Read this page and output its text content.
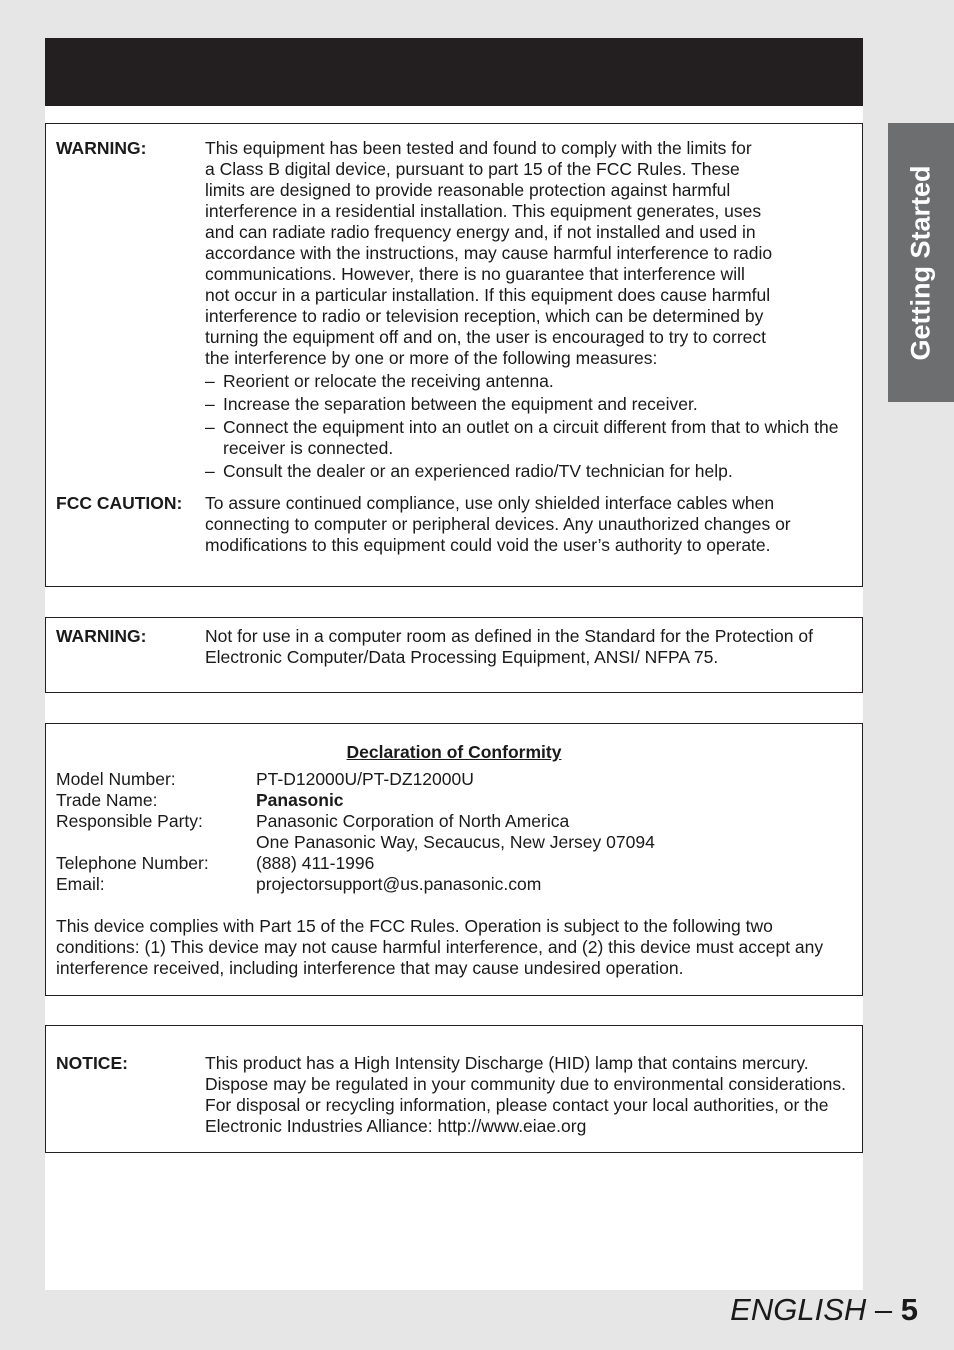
WARNING:	This equipment has been tested and found to comply with the limits for

a Class B digital device, pursuant to part 15 of the FCC Rules. These

limits are designed to provide reasonable protection against harmful

interference in a residential installation. This equipment generates, uses

and can radiate radio frequency energy and, if not installed and used in

accordance with the instructions, may cause harmful interference to radio

communications. However, there is no guarantee that interference will

not occur in a particular installation. If this equipment does cause harmful

interference to radio or television reception, which can be determined by

turning the equipment off and on, the user is encouraged to try to correct

the interference by one or more of the following measures:

– Reorient or relocate the receiving antenna.
– Increase the separation between the equipment and receiver.
– Connect the equipment into an outlet on a circuit different from that to which the receiver is connected.
– Consult the dealer or an experienced radio/TV technician for help.
FCC CAUTION: To assure continued compliance, use only shielded interface cables when connecting to computer or peripheral devices. Any unauthorized changes or modifications to this equipment could void the user’s authority to operate.
WARNING:	Not for use in a computer room as defined in the Standard for the Protection of Electronic Computer/Data Processing Equipment, ANSI/ NFPA 75.
Declaration of Conformity
Model Number:	PT-D12000U/PT-DZ12000U
Trade Name:	Panasonic
Responsible Party:	Panasonic Corporation of North America
One Panasonic Way, Secaucus, New Jersey 07094
Telephone Number:	(888) 411-1996
Email:	projectorsupport@us.panasonic.com
This device complies with Part 15 of the FCC Rules. Operation is subject to the following two conditions: (1) This device may not cause harmful interference, and (2) this device must accept any interference received, including interference that may cause undesired operation.
NOTICE:	This product has a High Intensity Discharge (HID) lamp that contains mercury. Dispose may be regulated in your community due to environmental considerations. For disposal or recycling information, please contact your local authorities, or the Electronic Industries Alliance: http://www.eiae.org
Getting Started
ENGLISH – 5
